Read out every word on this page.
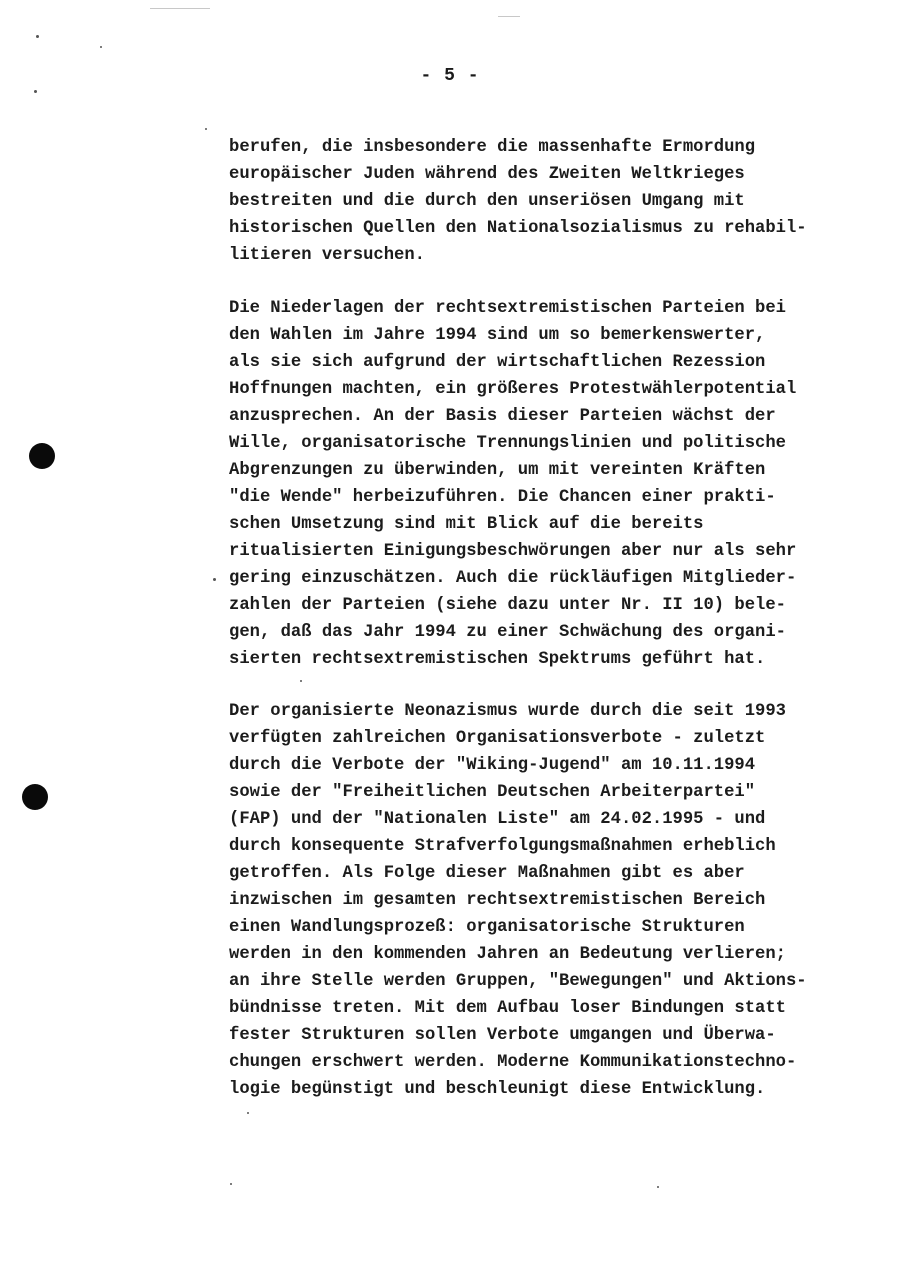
- 5 -
berufen, die insbesondere die massenhafte Ermordung
europäischer Juden während des Zweiten Weltkrieges
bestreiten und die durch den unseriösen Umgang mit
historischen Quellen den Nationalsozialismus zu rehabil-
litieren versuchen.
Die Niederlagen der rechtsextremistischen Parteien bei
den Wahlen im Jahre 1994 sind um so bemerkenswerter,
als sie sich aufgrund der wirtschaftlichen Rezession
Hoffnungen machten, ein größeres Protestwählerpotential
anzusprechen. An der Basis dieser Parteien wächst der
Wille, organisatorische Trennungslinien und politische
Abgrenzungen zu überwinden, um mit vereinten Kräften
"die Wende" herbeizuführen. Die Chancen einer prakti-
schen Umsetzung sind mit Blick auf die bereits
ritualisierten Einigungsbeschwörungen aber nur als sehr
gering einzuschätzen. Auch die rückläufigen Mitglieder-
zahlen der Parteien (siehe dazu unter Nr. II 10) bele-
gen, daß das Jahr 1994 zu einer Schwächung des organi-
sierten rechtsextremistischen Spektrums geführt hat.
Der organisierte Neonazismus wurde durch die seit 1993
verfügten zahlreichen Organisationsverbote - zuletzt
durch die Verbote der "Wiking-Jugend" am 10.11.1994
sowie der "Freiheitlichen Deutschen Arbeiterpartei"
(FAP) und der "Nationalen Liste" am 24.02.1995 - und
durch konsequente Strafverfolgungsmaßnahmen erheblich
getroffen. Als Folge dieser Maßnahmen gibt es aber
inzwischen im gesamten rechtsextremistischen Bereich
einen Wandlungsprozeß: organisatorische Strukturen
werden in den kommenden Jahren an Bedeutung verlieren;
an ihre Stelle werden Gruppen, "Bewegungen" und Aktions-
bündnisse treten. Mit dem Aufbau loser Bindungen statt
fester Strukturen sollen Verbote umgangen und Überwa-
chungen erschwert werden. Moderne Kommunikationstechno-
logie begünstigt und beschleunigt diese Entwicklung.
